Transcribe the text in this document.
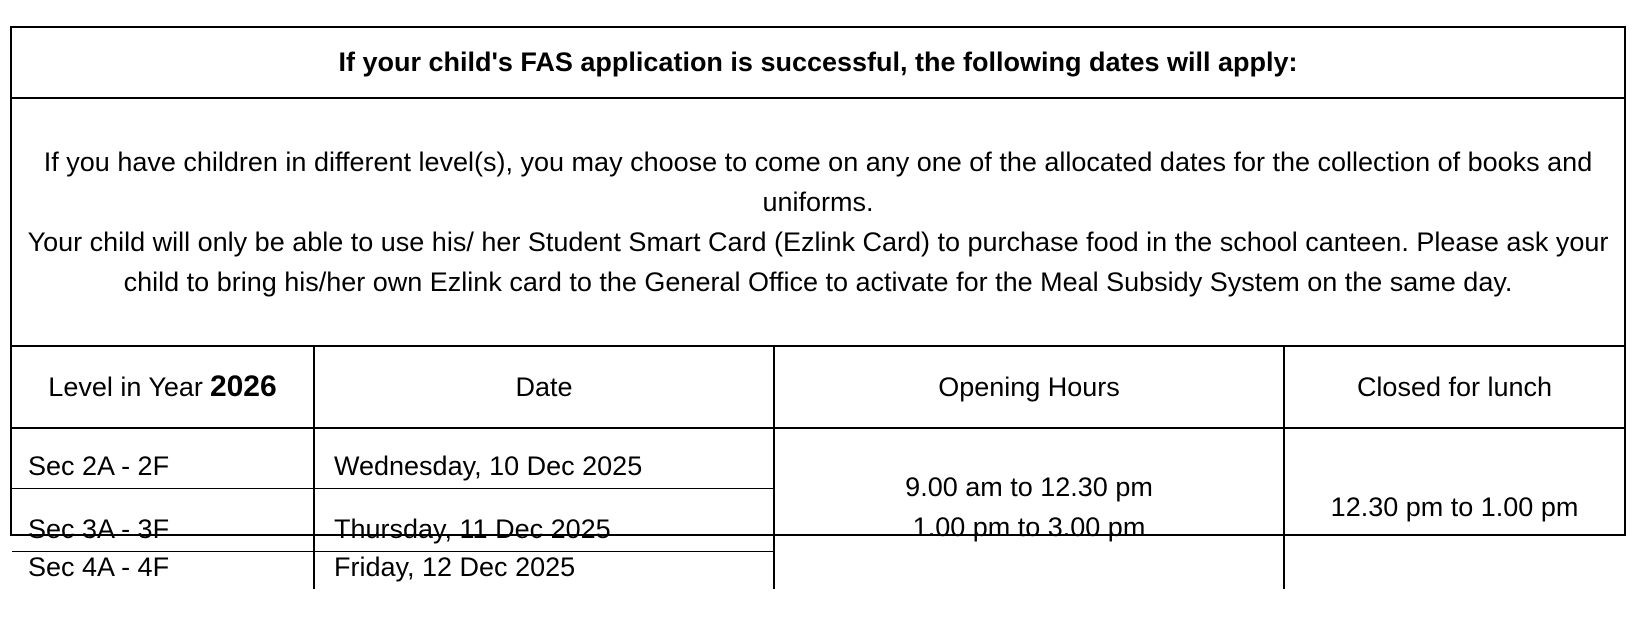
If your child's FAS application is successful, the following dates will apply:

If you have children in different level(s), you may choose to come on any one of the allocated dates for the collection of books and uniforms.

Your child will only be able to use his/ her Student Smart Card (Ezlink Card) to purchase food in the school canteen. Please ask your child to bring his/her own Ezlink card to the General Office to activate for the Meal Subsidy System on the same day.

Level in Year 2026	Date	Opening Hours	Closed for lunch
Sec 2A - 2F	Wednesday, 10 Dec 2025
Sec 3A - 3F	Thursday, 11 Dec 2025
Sec 4A - 4F	Friday, 12 Dec 2025
9.00 am to 12.30 pm
1.00 pm to 3.00 pm
12.30 pm to 1.00 pm
